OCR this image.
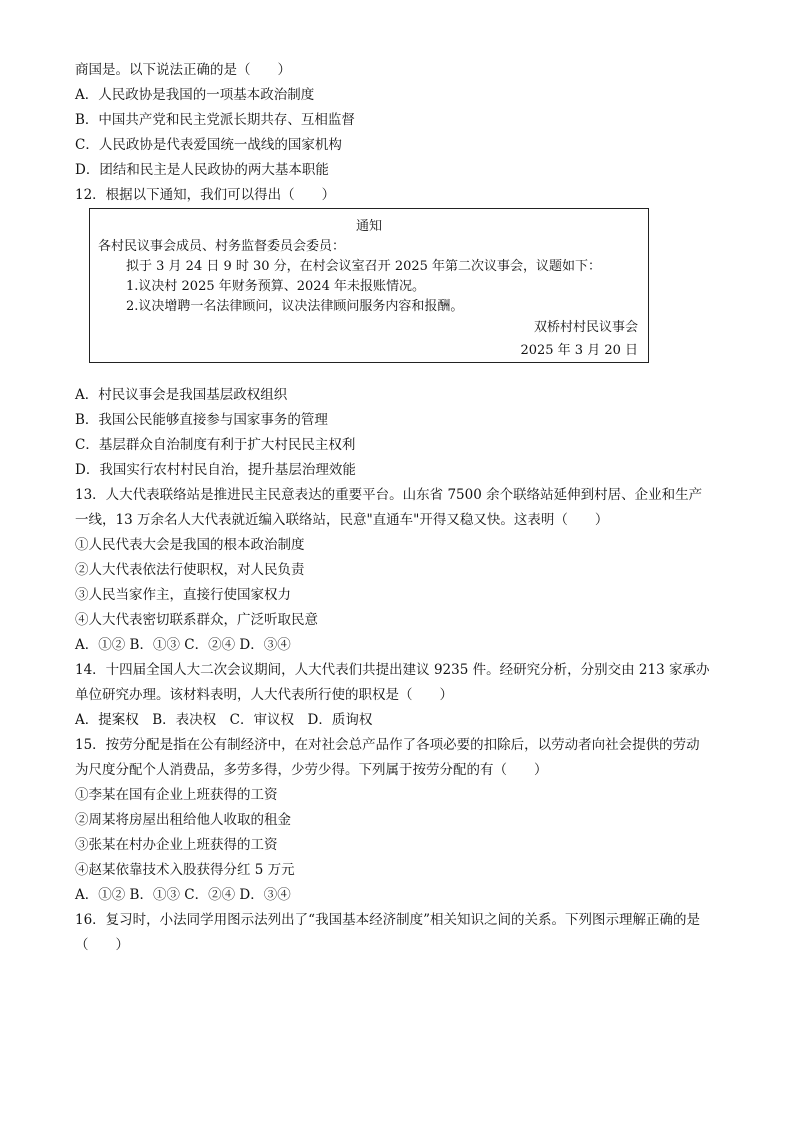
商国是。以下说法正确的是（　　）
A．人民政协是我国的一项基本政治制度
B．中国共产党和民主党派长期共存、互相监督
C．人民政协是代表爱国统一战线的国家机构
D．团结和民主是人民政协的两大基本职能
12．根据以下通知，我们可以得出（　　）
通知
各村民议事会成员、村务监督委员会委员：
拟于 3 月 24 日 9 时 30 分，在村会议室召开 2025 年第二次议事会，议题如下：
1.议决村 2025 年财务预算、2024 年未报账情况。
2.议决增聘一名法律顾问，议决法律顾问服务内容和报酬。
双桥村村民议事会
2025 年 3 月 20 日
A．村民议事会是我国基层政权组织
B．我国公民能够直接参与国家事务的管理
C．基层群众自治制度有利于扩大村民民主权利
D．我国实行农村村民自治，提升基层治理效能
13．人大代表联络站是推进民主民意表达的重要平台。山东省 7500 余个联络站延伸到村居、企业和生产
一线，13 万余名人大代表就近编入联络站，民意"直通车"开得又稳又快。这表明（　　）
①人民代表大会是我国的根本政治制度
②人大代表依法行使职权，对人民负责
③人民当家作主，直接行使国家权力
④人大代表密切联系群众，广泛听取民意
A．①② B．①③ C．②④ D．③④
14．十四届全国人大二次会议期间，人大代表们共提出建议 9235 件。经研究分析，分别交由 213 家承办
单位研究办理。该材料表明，人大代表所行使的职权是（　　）
A．提案权　B．表决权　C．审议权　D．质询权
15．按劳分配是指在公有制经济中，在对社会总产品作了各项必要的扣除后，以劳动者向社会提供的劳动
为尺度分配个人消费品，多劳多得，少劳少得。下列属于按劳分配的有（　　）
①李某在国有企业上班获得的工资
②周某将房屋出租给他人收取的租金
③张某在村办企业上班获得的工资
④赵某依靠技术入股获得分红 5 万元
A．①② B．①③ C．②④ D．③④
16．复习时，小法同学用图示法列出了“我国基本经济制度”相关知识之间的关系。下列图示理解正确的是
（　　）
